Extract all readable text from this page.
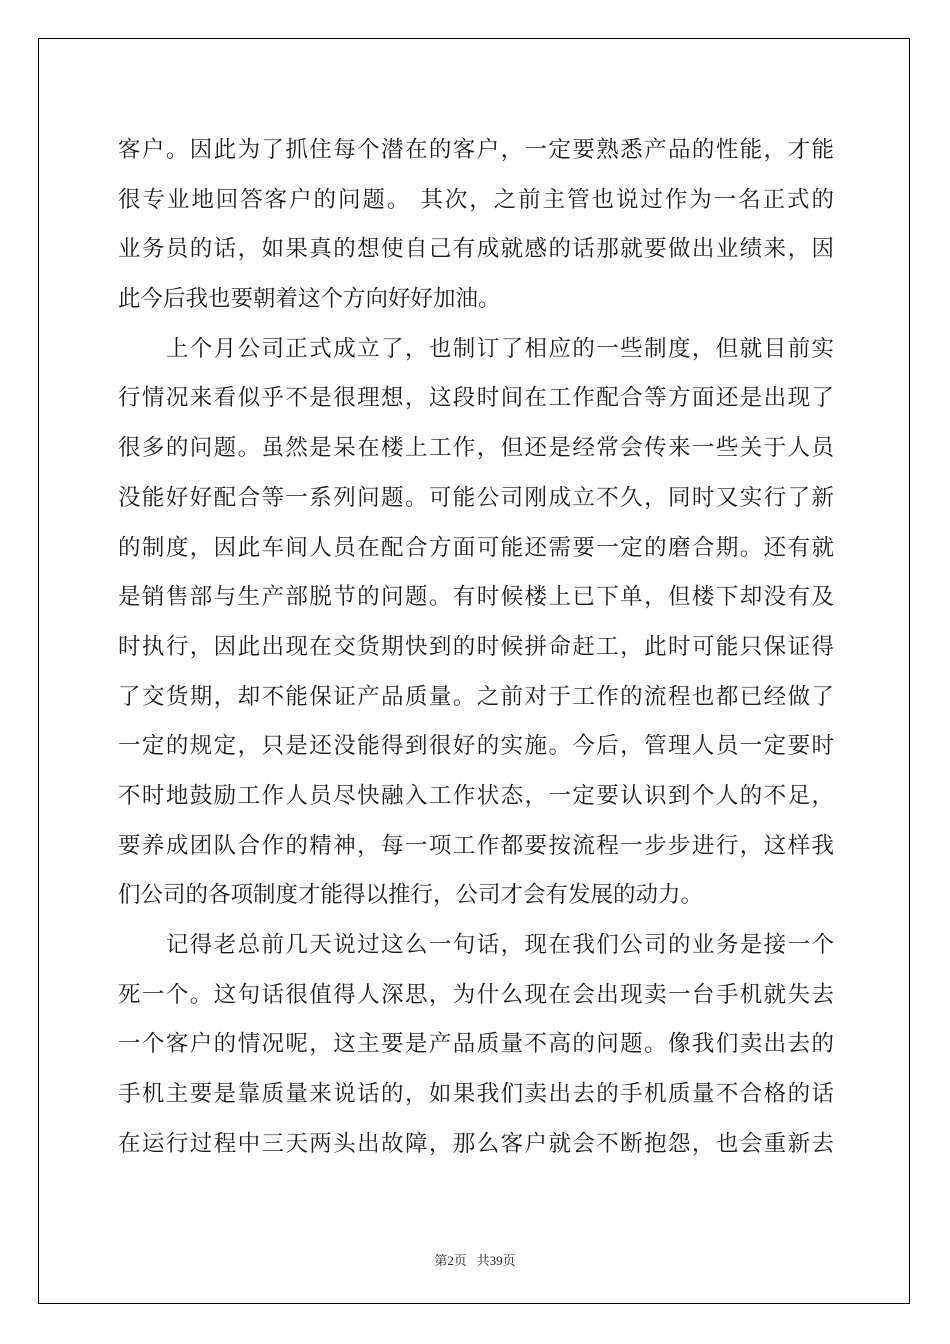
客户。因此为了抓住每个潜在的客户，一定要熟悉产品的性能，才能
很专业地回答客户的问题。 其次，之前主管也说过作为一名正式的
业务员的话，如果真的想使自己有成就感的话那就要做出业绩来，因
此今后我也要朝着这个方向好好加油。
　　上个月公司正式成立了，也制订了相应的一些制度，但就目前实
行情况来看似乎不是很理想，这段时间在工作配合等方面还是出现了
很多的问题。虽然是呆在楼上工作，但还是经常会传来一些关于人员
没能好好配合等一系列问题。可能公司刚成立不久，同时又实行了新
的制度，因此车间人员在配合方面可能还需要一定的磨合期。还有就
是销售部与生产部脱节的问题。有时候楼上已下单，但楼下却没有及
时执行，因此出现在交货期快到的时候拼命赶工，此时可能只保证得
了交货期，却不能保证产品质量。之前对于工作的流程也都已经做了
一定的规定，只是还没能得到很好的实施。今后，管理人员一定要时
不时地鼓励工作人员尽快融入工作状态，一定要认识到个人的不足，
要养成团队合作的精神，每一项工作都要按流程一步步进行，这样我
们公司的各项制度才能得以推行，公司才会有发展的动力。
　　记得老总前几天说过这么一句话，现在我们公司的业务是接一个
死一个。这句话很值得人深思，为什么现在会出现卖一台手机就失去
一个客户的情况呢，这主要是产品质量不高的问题。像我们卖出去的
手机主要是靠质量来说话的，如果我们卖出去的手机质量不合格的话
在运行过程中三天两头出故障，那么客户就会不断抱怨，也会重新去
第2页 共39页
